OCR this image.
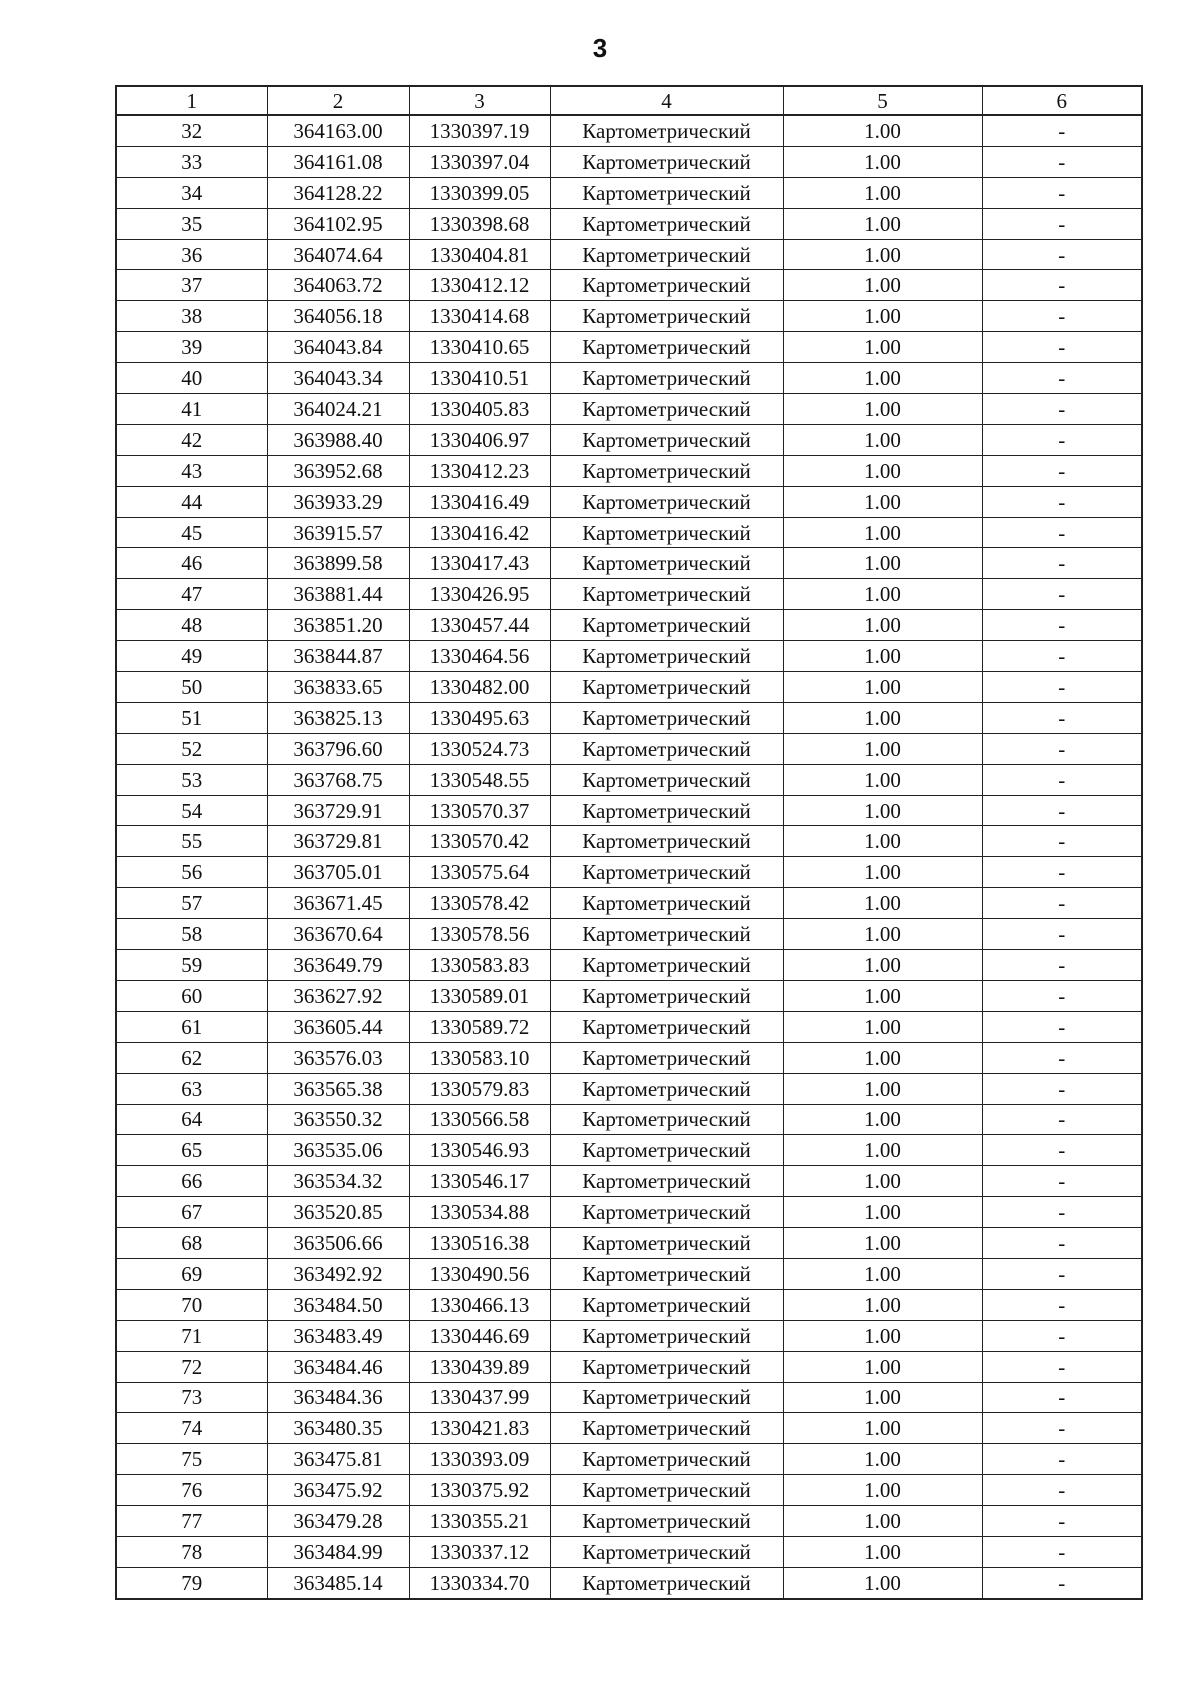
3
1	2	3	4	5	6
32	364163.00	1330397.19	Картометрический	1.00	-
33	364161.08	1330397.04	Картометрический	1.00	-
34	364128.22	1330399.05	Картометрический	1.00	-
35	364102.95	1330398.68	Картометрический	1.00	-
36	364074.64	1330404.81	Картометрический	1.00	-
37	364063.72	1330412.12	Картометрический	1.00	-
38	364056.18	1330414.68	Картометрический	1.00	-
39	364043.84	1330410.65	Картометрический	1.00	-
40	364043.34	1330410.51	Картометрический	1.00	-
41	364024.21	1330405.83	Картометрический	1.00	-
42	363988.40	1330406.97	Картометрический	1.00	-
43	363952.68	1330412.23	Картометрический	1.00	-
44	363933.29	1330416.49	Картометрический	1.00	-
45	363915.57	1330416.42	Картометрический	1.00	-
46	363899.58	1330417.43	Картометрический	1.00	-
47	363881.44	1330426.95	Картометрический	1.00	-
48	363851.20	1330457.44	Картометрический	1.00	-
49	363844.87	1330464.56	Картометрический	1.00	-
50	363833.65	1330482.00	Картометрический	1.00	-
51	363825.13	1330495.63	Картометрический	1.00	-
52	363796.60	1330524.73	Картометрический	1.00	-
53	363768.75	1330548.55	Картометрический	1.00	-
54	363729.91	1330570.37	Картометрический	1.00	-
55	363729.81	1330570.42	Картометрический	1.00	-
56	363705.01	1330575.64	Картометрический	1.00	-
57	363671.45	1330578.42	Картометрический	1.00	-
58	363670.64	1330578.56	Картометрический	1.00	-
59	363649.79	1330583.83	Картометрический	1.00	-
60	363627.92	1330589.01	Картометрический	1.00	-
61	363605.44	1330589.72	Картометрический	1.00	-
62	363576.03	1330583.10	Картометрический	1.00	-
63	363565.38	1330579.83	Картометрический	1.00	-
64	363550.32	1330566.58	Картометрический	1.00	-
65	363535.06	1330546.93	Картометрический	1.00	-
66	363534.32	1330546.17	Картометрический	1.00	-
67	363520.85	1330534.88	Картометрический	1.00	-
68	363506.66	1330516.38	Картометрический	1.00	-
69	363492.92	1330490.56	Картометрический	1.00	-
70	363484.50	1330466.13	Картометрический	1.00	-
71	363483.49	1330446.69	Картометрический	1.00	-
72	363484.46	1330439.89	Картометрический	1.00	-
73	363484.36	1330437.99	Картометрический	1.00	-
74	363480.35	1330421.83	Картометрический	1.00	-
75	363475.81	1330393.09	Картометрический	1.00	-
76	363475.92	1330375.92	Картометрический	1.00	-
77	363479.28	1330355.21	Картометрический	1.00	-
78	363484.99	1330337.12	Картометрический	1.00	-
79	363485.14	1330334.70	Картометрический	1.00	-
